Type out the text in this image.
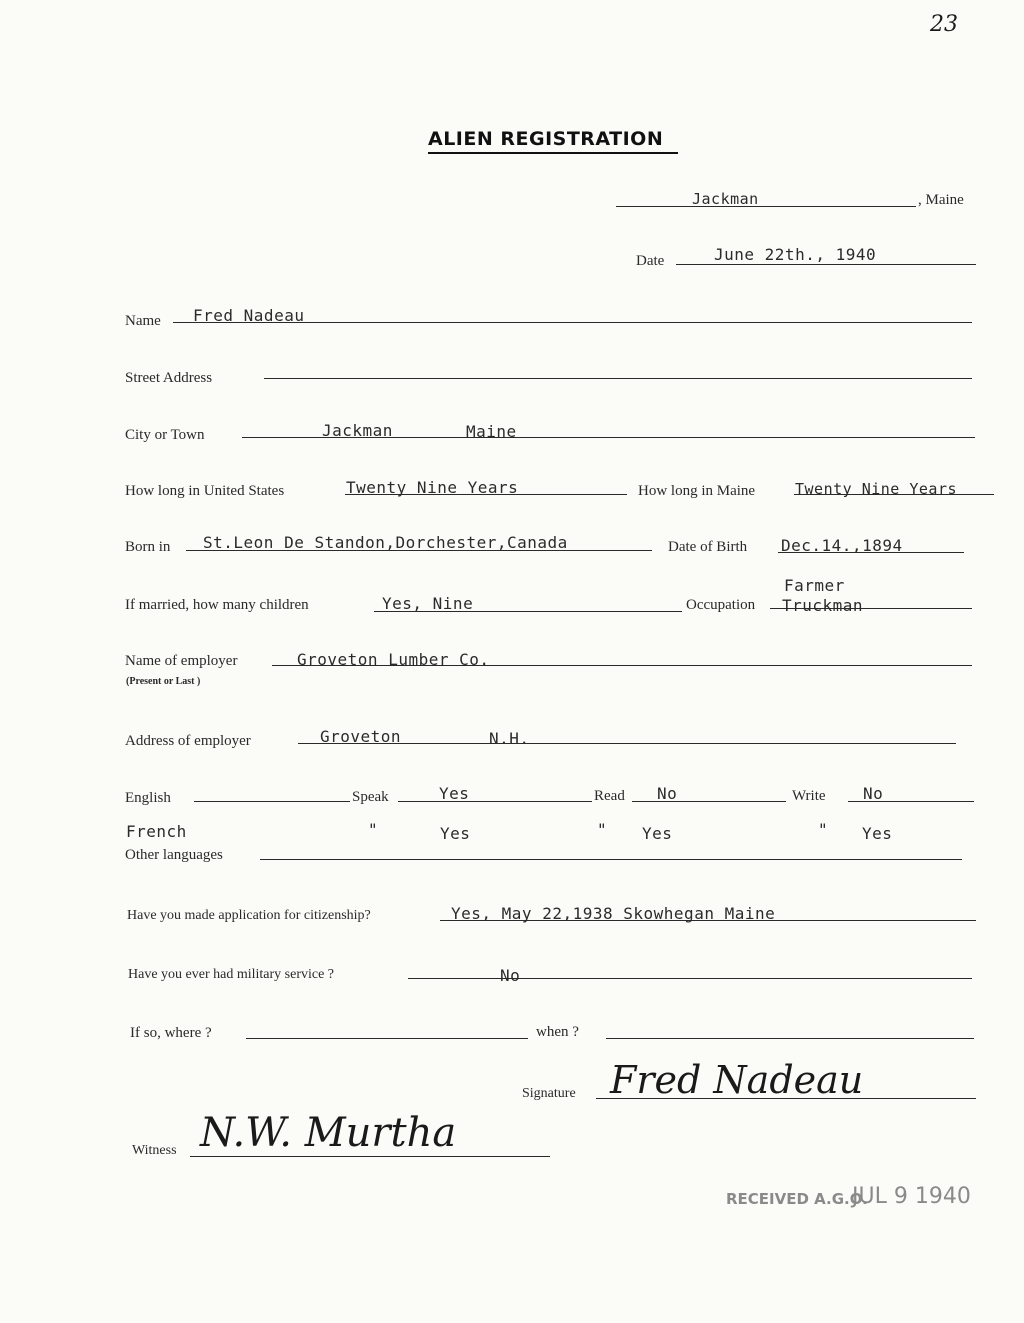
23
ALIEN REGISTRATION
Jackman	, Maine
Date	June 22th., 1940
Name Fred Nadeau
Street Address
City or Town	Jackman	Maine
How long in United States	Twenty Nine Years	How long in Maine	Twenty Nine Years
Born in St.Leon De Standon,Dorchester,Canada	Date of Birth Dec.14.,1894
If married, how many children	Yes, Nine	Occupation
Farmer
Truckman
Name of employer
(Present or Last )
Groveton Lumber Co.
Address of employer	Groveton	N.H.
English	Speak	Yes	Read No	Write No
French	"	Yes	" Yes	" Yes
Other languages
Have you made application for citizenship?	Yes, May 22,1938 Skowhegan Maine
Have you ever had military service ?	No
If so, where ?	when ?
Signature Fred Nadeau
Witness N.W. Murtha
RECEIVED A.G.O.
JUL 9 1940
